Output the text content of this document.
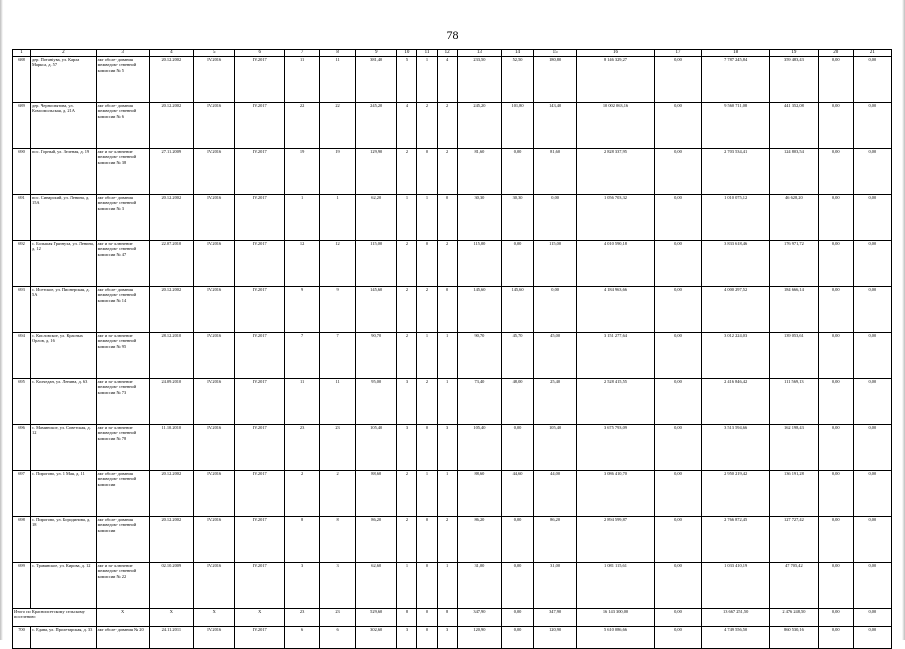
78
1	2	3	4	5	6	7	8	9	10	11	12	13	14	15	16	17	18	19	20	21
688	дер. Потаніува, ул. Карла Маркса, д. 57	акт обсле- дования межведом- ственной комиссии № 5	20.12.2002	IV.2016	IV.2017	11	11	381,40	5	1	4	233,50	52,50	180,80	8 146 329,27	0,00	7 787 245,84	359 483,43	0,00	0,00
689	дер. Черносвятова, ул. Комсомольская, д. 21А	акт обсле- дования межведом- ственной комиссии № 6	20.12.2002	IV.2016	IV.2017	22	22	245,20	4	2	2	245,20	101,80	143,40	10 002 063,16	0,00	9 560 711,08	441 352,08	0,00	0,00
690	пос. Горный, ул. Зеленая, д. 19	акт и за- ключение межведом- ственной комиссии № 38	27.11.2009	IV.2016	IV.2017	19	19	129,90	2	0	2	81,60	0,00	81,60	2 828 337,95	0,00	2 703 534,41	124 803,54	0,00	0,00
691	пос. Синарский, ул. Ленина, д. 15А	акт обсле- дования межведом- ственной комиссии № 3	20.12.2002	IV.2016	IV.2017	1	1	62,20	1	1	0	30,30	30,30	0,00	1 056 703,32	0,00	1 010 075,12	46 628,20	0,00	0,00
692	с. Большая Грязнуха, ул. Ленина, д. 12	акт и за- ключение межведом- ственной комиссии № 47	22.07.2010	IV.2016	IV.2017	12	12	115,00	2	0	2	115,00	0,00	115,00	4 010 590,18	0,00	3 833 618,46	176 971,72	0,00	0,00
693	с. Исетское, ул. Пионерская, д. 5А	акт обсле- дования межведом- ственной комиссии № 14	20.12.2002	IV.2016	IV.2017	9	9	145,60	2	2	0	145,60	145,60	0,00	4 184 963,66	0,00	4 000 297,52	184 666,14	0,00	0,00
694	с. Кисловское, ул. Красных Орлов, д. 16	акт и за- ключение межведом- ственной комиссии № 95	28.12.2010	IV.2016	IV.2017	7	7	90,70	2	1	1	90,70	45,70	45,00	3 151 277,64	0,00	3 012 224,03	139 053,61	0,00	0,00
695	с. Колчедан, ул. Ленина, д. 63	акт и за- ключение межведом- ственной комиссии № 73	24.09.2010	IV.2016	IV.2017	11	11	95,00	3	2	1	73,40	48,00	25,40	2 528 415,55	0,00	2 416 846,42	111 569,13	0,00	0,00
696	с. Маминское, ул. Советская, д. 12	акт и за- ключение межведом- ственной комиссии № 78	11.10.2010	IV.2016	IV.2017	23	23	105,40	3	0	3	105,40	0,00	105,40	3 675 793,09	0,00	3 513 594,66	162 198,43	0,00	0,00
697	с. Пирогово, ул. 1 Мая, д. 11	акт обсле- дования межведом- ственной комиссии	20.12.2002	IV.2016	IV.2017	2	2	88,60	2	1	1	88,60	44,60	44,00	3 086 410,70	0,00	2 950 219,42	136 191,28	0,00	0,00
698	с. Пирогово, ул. Бородинова, д. 18	акт обсле- дования межведом- ственной комиссии	20.12.2002	IV.2016	IV.2017	8	8	86,20	2	0	2	86,20	0,00	86,20	2 894 599,87	0,00	2 766 872,45	127 727,42	0,00	0,00
699	с. Травянское, ул. Кирова, д. 12	акт и за- ключение межведом- ственной комиссии № 22	02.10.2009	IV.2016	IV.2017	3	3	62,60	1	0	1	31,00	0,00	31,00	1 081 115,61	0,00	1 033 410,19	47 705,42	0,00	0,00
Итого по Красноисетскому сельскому поселению:		X	X	X	X	23	23	529,60	8	0	8	347,90	0,00	347,90	16 143 300,00	0,00	13 667 251,50	2 476 248,50	0,00	0,00
700	с. Едава, ул. Пролетарская, д. 33	акт обсле- дования № 20	24.11.2011	IV.2016	IV.2017	6	6	302,60	3	0	3	120,90	0,00	120,90	5 610 086,66	0,00	4 749 556,50	860 530,16	0,00	0,00
